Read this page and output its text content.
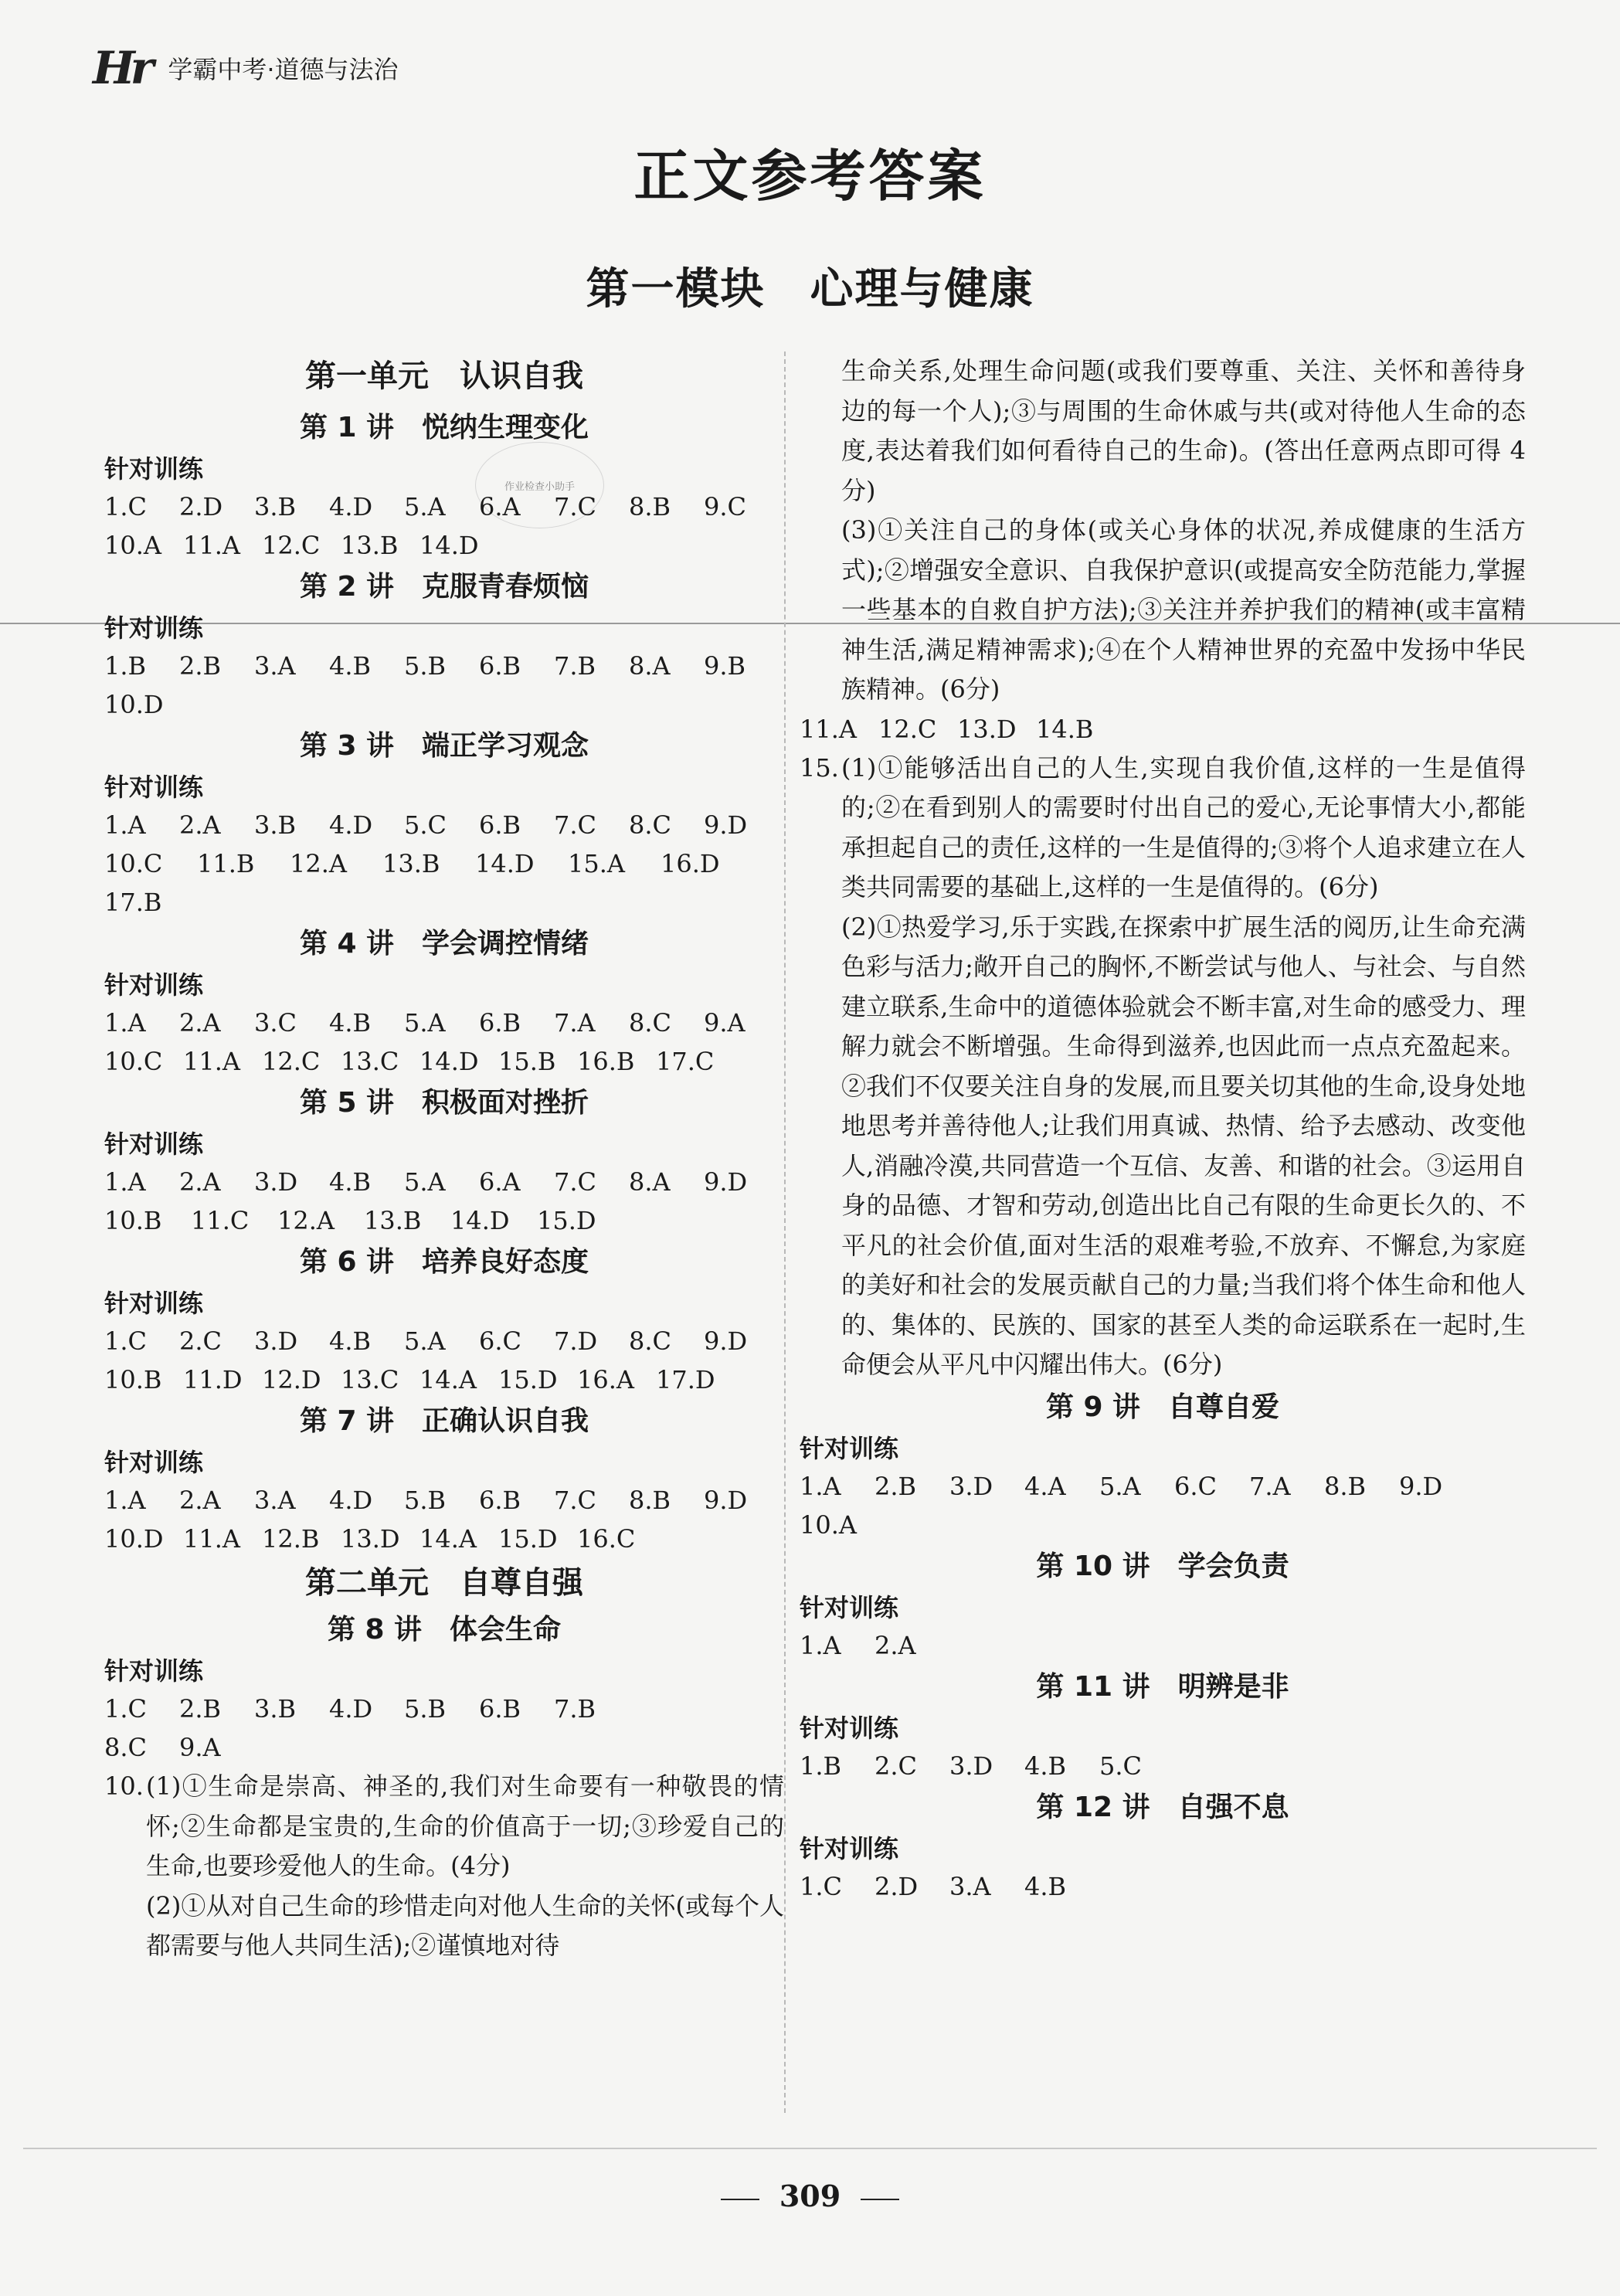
Hr 学霸中考·道德与法治
正文参考答案
第一模块　心理与健康
作业检查小助手
第一单元　认识自我
第 1 讲　悦纳生理变化
针对训练
1.C 2.D 3.B 4.D 5.A 6.A 7.C 8.B 9.C
10.A 11.A 12.C 13.B 14.D
第 2 讲　克服青春烦恼
针对训练
1.B 2.B 3.A 4.B 5.B 6.B 7.B 8.A 9.B
10.D
第 3 讲　端正学习观念
针对训练
1.A 2.A 3.B 4.D 5.C 6.B 7.C 8.C 9.D
10.C 11.B 12.A 13.B 14.D 15.A 16.D
17.B
第 4 讲　学会调控情绪
针对训练
1.A 2.A 3.C 4.B 5.A 6.B 7.A 8.C 9.A
10.C 11.A 12.C 13.C 14.D 15.B 16.B 17.C
第 5 讲　积极面对挫折
针对训练
1.A 2.A 3.D 4.B 5.A 6.A 7.C 8.A 9.D
10.B 11.C 12.A 13.B 14.D 15.D
第 6 讲　培养良好态度
针对训练
1.C 2.C 3.D 4.B 5.A 6.C 7.D 8.C 9.D
10.B 11.D 12.D 13.C 14.A 15.D 16.A 17.D
第 7 讲　正确认识自我
针对训练
1.A 2.A 3.A 4.D 5.B 6.B 7.C 8.B 9.D
10.D 11.A 12.B 13.D 14.A 15.D 16.C
第二单元　自尊自强
第 8 讲　体会生命
针对训练
1.C 2.B 3.B 4.D 5.B 6.B 7.B
8.C 9.A
10. (1)①生命是崇高、神圣的,我们对生命要有一种敬畏的情怀;②生命都是宝贵的,生命的价值高于一切;③珍爱自己的生命,也要珍爱他人的生命。(4分)
(2)①从对自己生命的珍惜走向对他人生命的关怀(或每个人都需要与他人共同生活);②谨慎地对待
生命关系,处理生命问题(或我们要尊重、关注、关怀和善待身边的每一个人);③与周围的生命休戚与共(或对待他人生命的态度,表达着我们如何看待自己的生命)。(答出任意两点即可得 4 分)
(3)①关注自己的身体(或关心身体的状况,养成健康的生活方式);②增强安全意识、自我保护意识(或提高安全防范能力,掌握一些基本的自救自护方法);③关注并养护我们的精神(或丰富精神生活,满足精神需求);④在个人精神世界的充盈中发扬中华民族精神。(6分)
11.A 12.C 13.D 14.B
15. (1)①能够活出自己的人生,实现自我价值,这样的一生是值得的;②在看到别人的需要时付出自己的爱心,无论事情大小,都能承担起自己的责任,这样的一生是值得的;③将个人追求建立在人类共同需要的基础上,这样的一生是值得的。(6分)
(2)①热爱学习,乐于实践,在探索中扩展生活的阅历,让生命充满色彩与活力;敞开自己的胸怀,不断尝试与他人、与社会、与自然建立联系,生命中的道德体验就会不断丰富,对生命的感受力、理解力就会不断增强。生命得到滋养,也因此而一点点充盈起来。②我们不仅要关注自身的发展,而且要关切其他的生命,设身处地地思考并善待他人;让我们用真诚、热情、给予去感动、改变他人,消融冷漠,共同营造一个互信、友善、和谐的社会。③运用自身的品德、才智和劳动,创造出比自己有限的生命更长久的、不平凡的社会价值,面对生活的艰难考验,不放弃、不懈怠,为家庭的美好和社会的发展贡献自己的力量;当我们将个体生命和他人的、集体的、民族的、国家的甚至人类的命运联系在一起时,生命便会从平凡中闪耀出伟大。(6分)
第 9 讲　自尊自爱
针对训练
1.A 2.B 3.D 4.A 5.A 6.C 7.A 8.B 9.D
10.A
第 10 讲　学会负责
针对训练
1.A 2.A
第 11 讲　明辨是非
针对训练
1.B 2.C 3.D 4.B 5.C
第 12 讲　自强不息
针对训练
1.C 2.D 3.A 4.B
309
